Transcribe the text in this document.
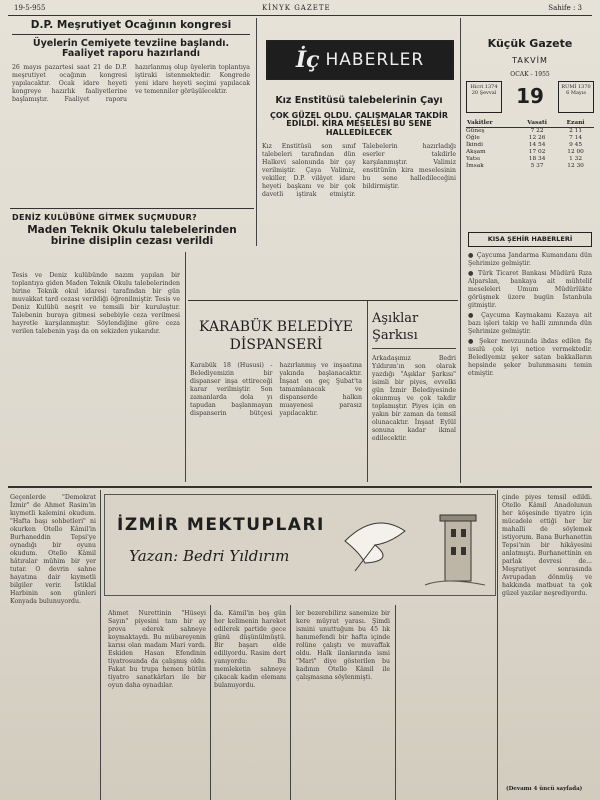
19-5-955	KİNYK GAZETE	Sahife : 3
D.P. Meşrutiyet Ocağının kongresi
Üyelerin Cemiyete tevziine başlandı. Faaliyet raporu hazırlandı
26 mayıs pazartesi saat 21 de D.P. meşrutiyet ocağının kongresi yapılacaktır. Ocak idare heyeti kongreye hazırlık faaliyetlerine başlamıştır. Faaliyet raporu hazırlanmış olup üyelerin toplantıya iştiraki istenmektedir. Kongrede yeni idare heyeti seçimi yapılacak ve temenniler görüşülecektir.
DENİZ KULÜBÜNE GİTMEK SUÇMUDUR?
Maden Teknik Okulu talebelerinden birine disiplin cezası verildi
Tesis ve Deniz kulübünde nazım yapılan bir toplantıya giden Maden Teknik Okulu talebelerinden birine Teknik okul idaresi tarafından bir gün muvakkat tard cezası verildiği öğrenilmiştir. Tesis ve Deniz Kulübü neşrit ve temsili bir kuruluştur. Talebenin buraya gitmesi sebebiyle ceza verilmesi hayretle karşılanmıştır. Söylendiğine göre ceza verilen talebenin yaşı da on sekizden yukarıdır.
İç HABERLER
Kız Enstitüsü talebelerinin Çayı
ÇOK GÜZEL OLDU. ÇALIŞMALAR TAKDİR EDİLDİ. KİRA MESELESİ BU SENE HALLEDİLECEK
Kız Enstitüsü son sınıf talebeleri tarafından dün Halkevi salonunda bir çay verilmiştir. Çaya Valimiz, vekiller, D.P. vilâyet idare heyeti başkanı ve bir çok davetli iştirak etmiştir. Talebelerin hazırladığı eserler takdirle karşılanmıştır. Valimiz enstitünün kira meselesinin bu sene halledileceğini bildirmiştir.
Küçük Gazete
TAKVİM
OCAK - 1955
Hicri 1374 20 Şevval 19	RUMİ 1370 6 Mayıs
Vakitler	Vasati	Ezani
Güneş	7 22	2 11
Öğle	12 26	7 14
İkindi	14 54	9 45
Akşam	17 02	12 00
Yatsı	18 34	1 32
İmsak	5 37	12 30
KISA ŞEHİR HABERLERİ

● Çaycuma Jandarma Kumandanı dün Şehrimize gelmiştir.

● Türk Ticaret Bankası Müdürü Rıza Alparslan, bankaya ait mühtelif meseleleri Umum Müdürlükte görüşmek üzere bugün İstanbula gitmiştir.

● Çaycuma Kaymakamı Kazaya ait bazı işleri takip ve halli zımnında dün Şehrimize gelmiştir.

● Şeker mevzuunda ihdas edilen fiş usulü çok iyi netice vermektedir. Belediyemiz şeker satan bakkalların hepsinde şeker bulunmasını temin etmiştir.

KARABÜK BELEDİYE DİSPANSERİ
Karabük 18 (Hususi) - Belediyemizin bir dispanser inşa ettireceği karar verilmiştir. Son zamanlarda dola yı tapudan başlanmayan dispanserin bütçesi hazırlanmış ve inşaatına yakında başlanacaktır. İnşaat en geç Şubat'ta tamamlanacak ve dispanserde halkın muayenesi parasız yapılacaktır.
Aşıklar Şarkısı
Arkadaşımız Bedri Yıldırım'ın son olarak yazdığı "Aşıklar Şarkısı" isimli bir piyes, evvelki gün İzmir Belediyesinde okunmuş ve çok takdir toplamıştır. Piyes için en yakın bir zaman da temsil olunacaktır. İnşaat Eylül sonuna kadar ikmal edilecektir.
İZMİR MEKTUPLARI
Yazan: Bedri Yıldırım
Geçenlerde "Demokrat İzmir" de Ahmet Rasim'in kıymetli kalemini okudum. "Hafta başı sohbetleri" ni okurken Otello Kâmil'in Burhaneddin Tepsi'ye oynadığı bir oyunu okudum. Otello Kâmil hâtıralar mühim bir yer tutar. O devrin sahne hayatına dair kıymetli bilgiler verir. İstiklal Harbinin son günleri Konyada bulunuyordu.
Ahmet Nurettinin "Hüseyi Sayın" piyesini tam bir ay prova ederek sahneye koymaktaydı. Bu mübareyenin karısı olan madam Mari vardı. Eskiden Hasan Efendinin tiyatrosunda da çalışmış oldu. Fakat bu trupa hemen bütün tiyatro sanatkârları ile bir oyun daha oynadılar.
da. Kâmil'in boş gün her kelimenin hareket edilerek partide gece günü düşünülmüştü. Bir başarı elde ediliyordu. Rasim dert yanıyordu: Bu memleketin sahneye çıkacak kadın elemanı bulamıyordu.
ler bezerebilirız sanemize bir kere müyrat yarası. Şimdi ismini unuttuğum bu 45 lık hanımefendi bir hafta içinde rolüne çalıştı ve muvaffak oldu. Halk ilanlarında ismi "Mari" diye gösterilen bu kadının Otello Kâmil ile çalışmasına söylenmişti.
çinde piyes temsil edildi. Otello Kâmil Anadolunun her köşesinde tiyatro için mücadele ettiği her bir mahalli de söylemek istiyorum. Bana Burhanettin Tepsi'nin bir hikâyesini anlatmıştı. Burhanettinin en parlak devresi de... Meşrutiyet sonrasında Avrupadan dönmüş ve hakkında matbuat ta çok güzel yazılar neşrediyordu.
(Devamı 4 üncü sayfada)
